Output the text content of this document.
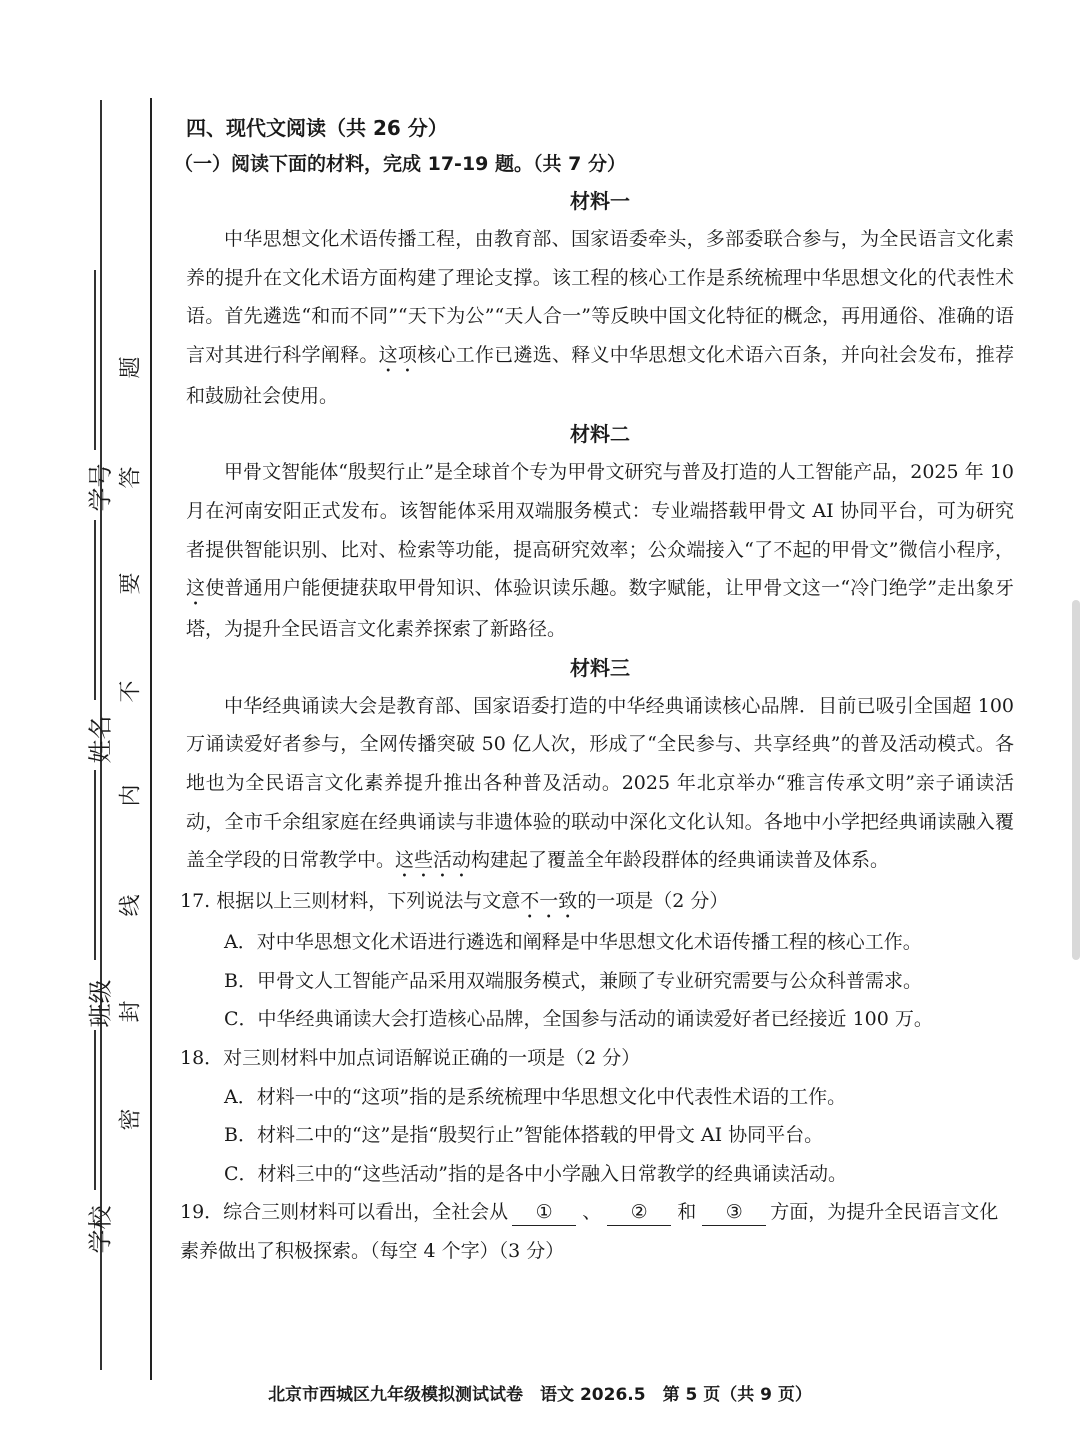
题
答
要
不
内
线
封
密
学号
姓名
班级
学校
四、现代文阅读（共 26 分）
（一）阅读下面的材料，完成 17-19 题。（共 7 分）
材料一

中华思想文化术语传播工程，由教育部、国家语委牵头，多部委联合参与，为全民语言文化素养的提升在文化术语方面构建了理论支撑。该工程的核心工作是系统梳理中华思想文化的代表性术语。首先遴选“和而不同”“天下为公”“天人合一”等反映中国文化特征的概念，再用通俗、准确的语言对其进行科学阐释。这项核心工作已遴选、释义中华思想文化术语六百条，并向社会发布，推荐和鼓励社会使用。

材料二

甲骨文智能体“殷契行止”是全球首个专为甲骨文研究与普及打造的人工智能产品，2025 年 10 月在河南安阳正式发布。该智能体采用双端服务模式：专业端搭载甲骨文 AI 协同平台，可为研究者提供智能识别、比对、检索等功能，提高研究效率；公众端接入“了不起的甲骨文”微信小程序，这使普通用户能便捷获取甲骨知识、体验识读乐趣。数字赋能，让甲骨文这一“冷门绝学”走出象牙塔，为提升全民语言文化素养探索了新路径。

材料三

中华经典诵读大会是教育部、国家语委打造的中华经典诵读核心品牌．目前已吸引全国超 100 万诵读爱好者参与，全网传播突破 50 亿人次，形成了“全民参与、共享经典”的普及活动模式。各地也为全民语言文化素养提升推出各种普及活动。2025 年北京举办“雅言传承文明”亲子诵读活动，全市千余组家庭在经典诵读与非遗体验的联动中深化文化认知。各地中小学把经典诵读融入覆盖全学段的日常教学中。这些活动构建起了覆盖全年龄段群体的经典诵读普及体系。

17. 根据以上三则材料，下列说法与文意不一致的一项是（2 分）

A．对中华思想文化术语进行遴选和阐释是中华思想文化术语传播工程的核心工作。

B．甲骨文人工智能产品采用双端服务模式，兼顾了专业研究需要与公众科普需求。

C．中华经典诵读大会打造核心品牌，全国参与活动的诵读爱好者已经接近 100 万。

18．对三则材料中加点词语解说正确的一项是（2 分）

A．材料一中的“这项”指的是系统梳理中华思想文化中代表性术语的工作。

B．材料二中的“这”是指“殷契行止”智能体搭载的甲骨文 AI 协同平台。

C．材料三中的“这些活动”指的是各中小学融入日常教学的经典诵读活动。

19．综合三则材料可以看出，全社会从 ① 、 ② 和 ③ 方面，为提升全民语言文化素养做出了积极探索。（每空 4 个字）（3 分）

北京市西城区九年级模拟测试试卷　语文 2026.5　第 5 页（共 9 页）
